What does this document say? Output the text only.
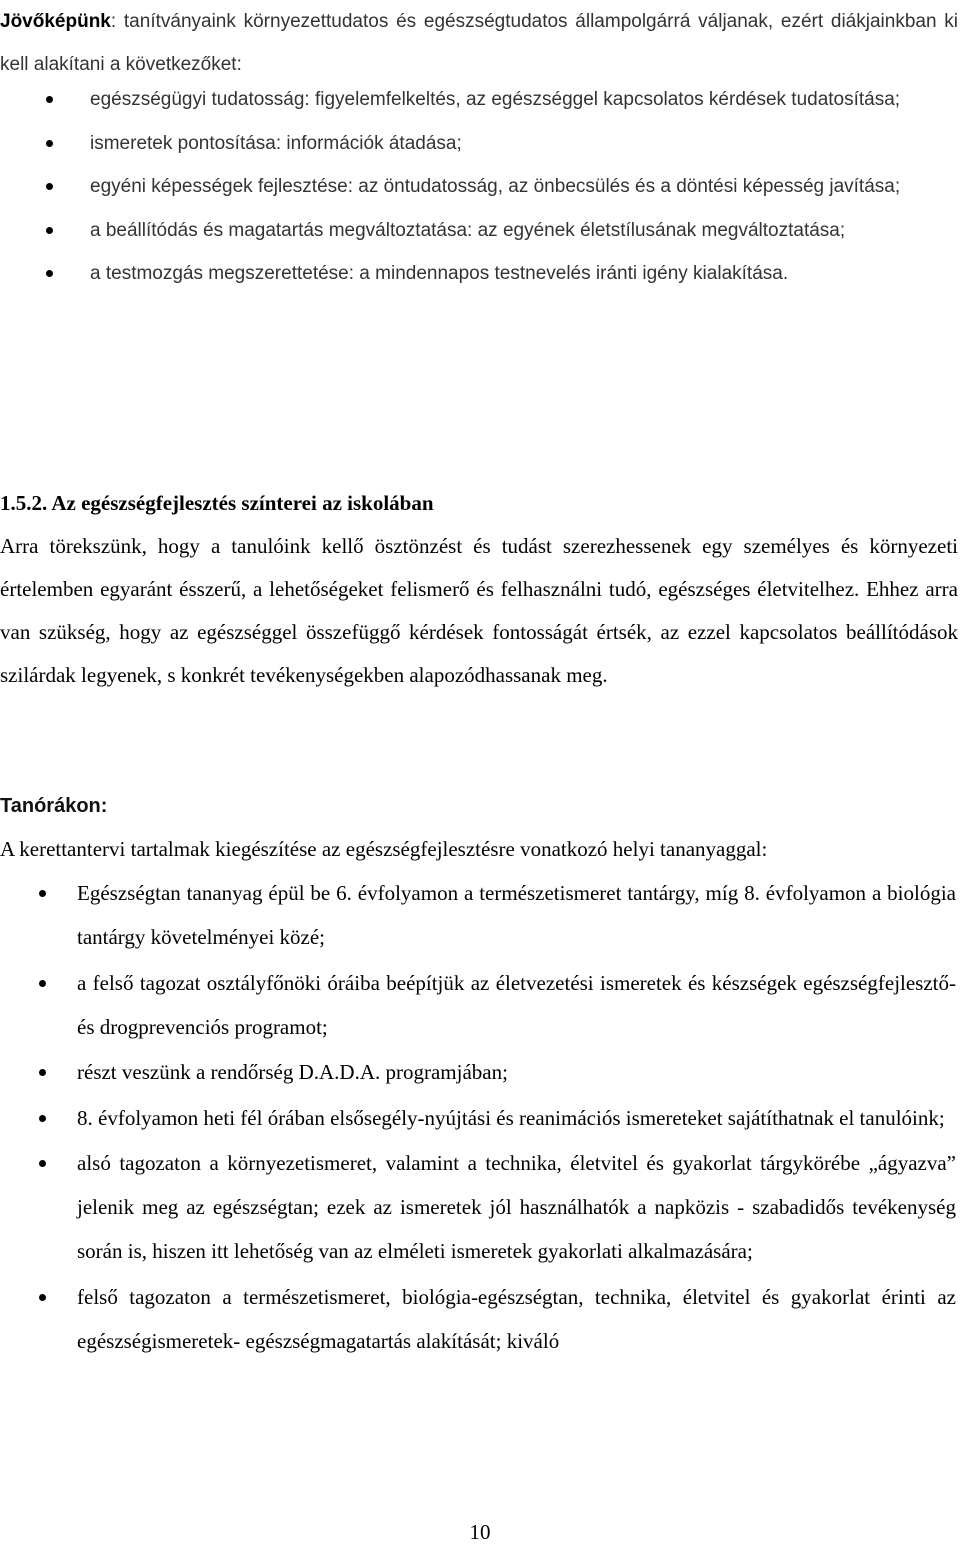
Jövőképünk: tanítványaink környezettudatos és egészségtudatos állampolgárrá váljanak, ezért diákjainkban ki kell alakítani a következőket:
egészségügyi tudatosság: figyelemfelkeltés, az egészséggel kapcsolatos kérdések tudatosítása;
ismeretek pontosítása: információk átadása;
egyéni képességek fejlesztése: az öntudatosság, az önbecsülés és a döntési képesség javítása;
a beállítódás és magatartás megváltoztatása: az egyének életstílusának megváltoztatása;
a testmozgás megszerettetése: a mindennapos testnevelés iránti igény kialakítása.
1.5.2. Az egészségfejlesztés színterei az iskolában

Arra törekszünk, hogy a tanulóink kellő ösztönzést és tudást szerezhessenek egy személyes és környezeti értelemben egyaránt ésszerű, a lehetőségeket felismerő és felhasználni tudó, egészséges életvitelhez. Ehhez arra van szükség, hogy az egészséggel összefüggő kérdések fontosságát értsék, az ezzel kapcsolatos beállítódások szilárdak legyenek, s konkrét tevékenységekben alapozódhassanak meg.

Tanórákon:

A kerettantervi tartalmak kiegészítése az egészségfejlesztésre vonatkozó helyi tananyaggal:

Egészségtan tananyag épül be 6. évfolyamon a természetismeret tantárgy, míg 8. évfolyamon a biológia tantárgy követelményei közé;
a felső tagozat osztályfőnöki óráiba beépítjük az életvezetési ismeretek és készségek egészségfejlesztő- és drogprevenciós programot;
részt veszünk a rendőrség D.A.D.A. programjában;
8. évfolyamon heti fél órában elsősegély-nyújtási és reanimációs ismereteket sajátíthatnak el tanulóink;
alsó tagozaton a környezetismeret, valamint a technika, életvitel és gyakorlat tárgykörébe „ágyazva” jelenik meg az egészségtan; ezek az ismeretek jól használhatók a napközis - szabadidős tevékenység során is, hiszen itt lehetőség van az elméleti ismeretek gyakorlati alkalmazására;
felső tagozaton a természetismeret, biológia-egészségtan, technika, életvitel és gyakorlat érinti az egészségismeretek- egészségmagatartás alakítását; kiváló
10
